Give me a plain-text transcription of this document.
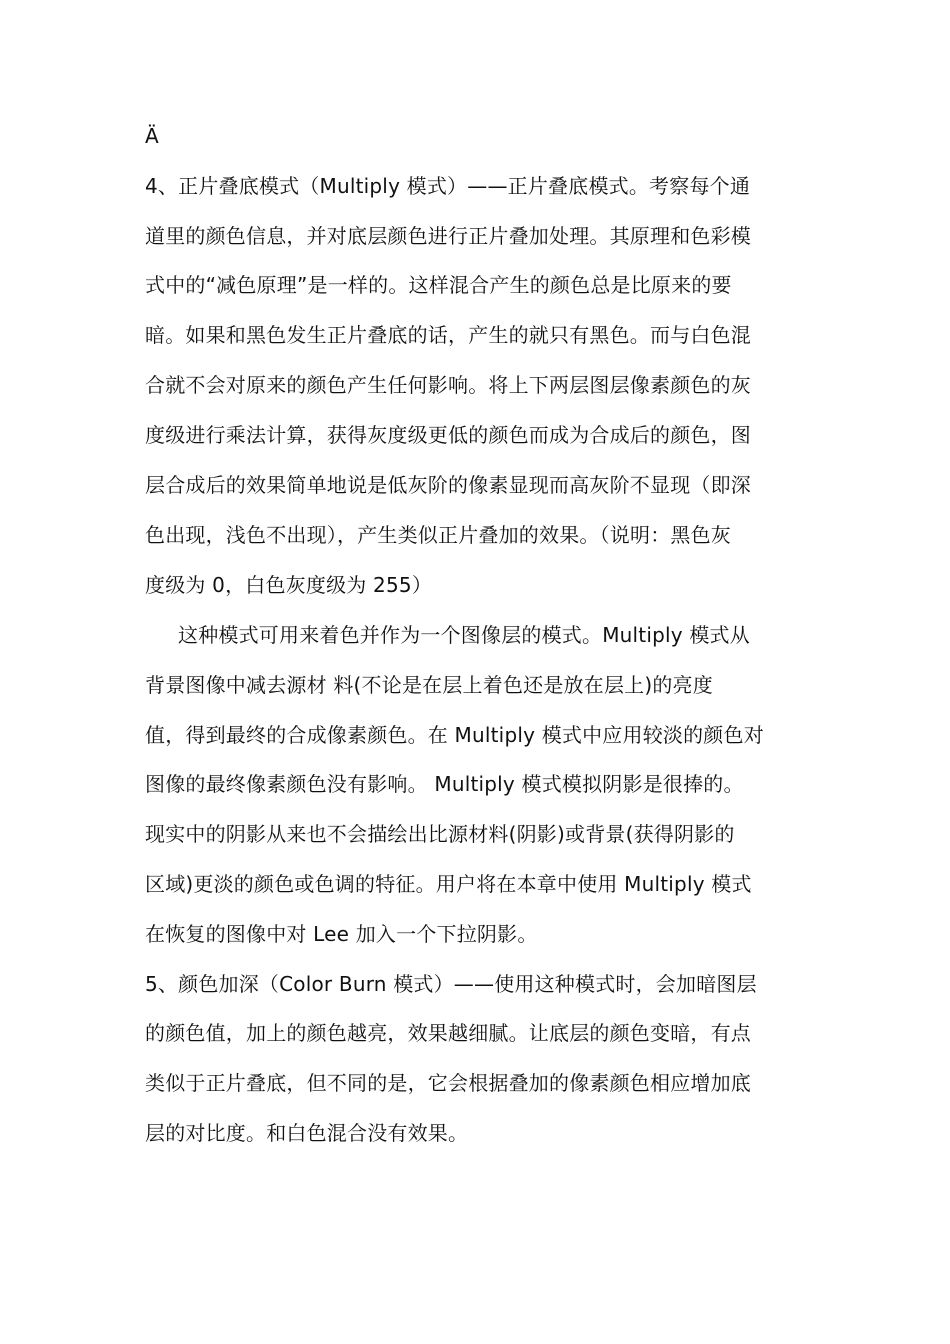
Ä
4、正片叠底模式（Multiply 模式）——正片叠底模式。考察每个通
道里的颜色信息，并对底层颜色进行正片叠加处理。其原理和色彩模
式中的“减色原理”是一样的。这样混合产生的颜色总是比原来的要
暗。如果和黑色发生正片叠底的话，产生的就只有黑色。而与白色混
合就不会对原来的颜色产生任何影响。将上下两层图层像素颜色的灰
度级进行乘法计算，获得灰度级更低的颜色而成为合成后的颜色，图
层合成后的效果简单地说是低灰阶的像素显现而高灰阶不显现（即深
色出现，浅色不出现），产生类似正片叠加的效果。（说明：黑色灰
度级为 0，白色灰度级为 255）
这种模式可用来着色并作为一个图像层的模式。Multiply 模式从
背景图像中减去源材 料(不论是在层上着色还是放在层上)的亮度
值，得到最终的合成像素颜色。在 Multiply 模式中应用较淡的颜色对
图像的最终像素颜色没有影响。 Multiply 模式模拟阴影是很捧的。
现实中的阴影从来也不会描绘出比源材料(阴影)或背景(获得阴影的
区域)更淡的颜色或色调的特征。用户将在本章中使用 Multiply 模式
在恢复的图像中对 Lee 加入一个下拉阴影。
5、颜色加深（Color Burn 模式）——使用这种模式时，会加暗图层
的颜色值，加上的颜色越亮，效果越细腻。让底层的颜色变暗，有点
类似于正片叠底，但不同的是，它会根据叠加的像素颜色相应增加底
层的对比度。和白色混合没有效果。
